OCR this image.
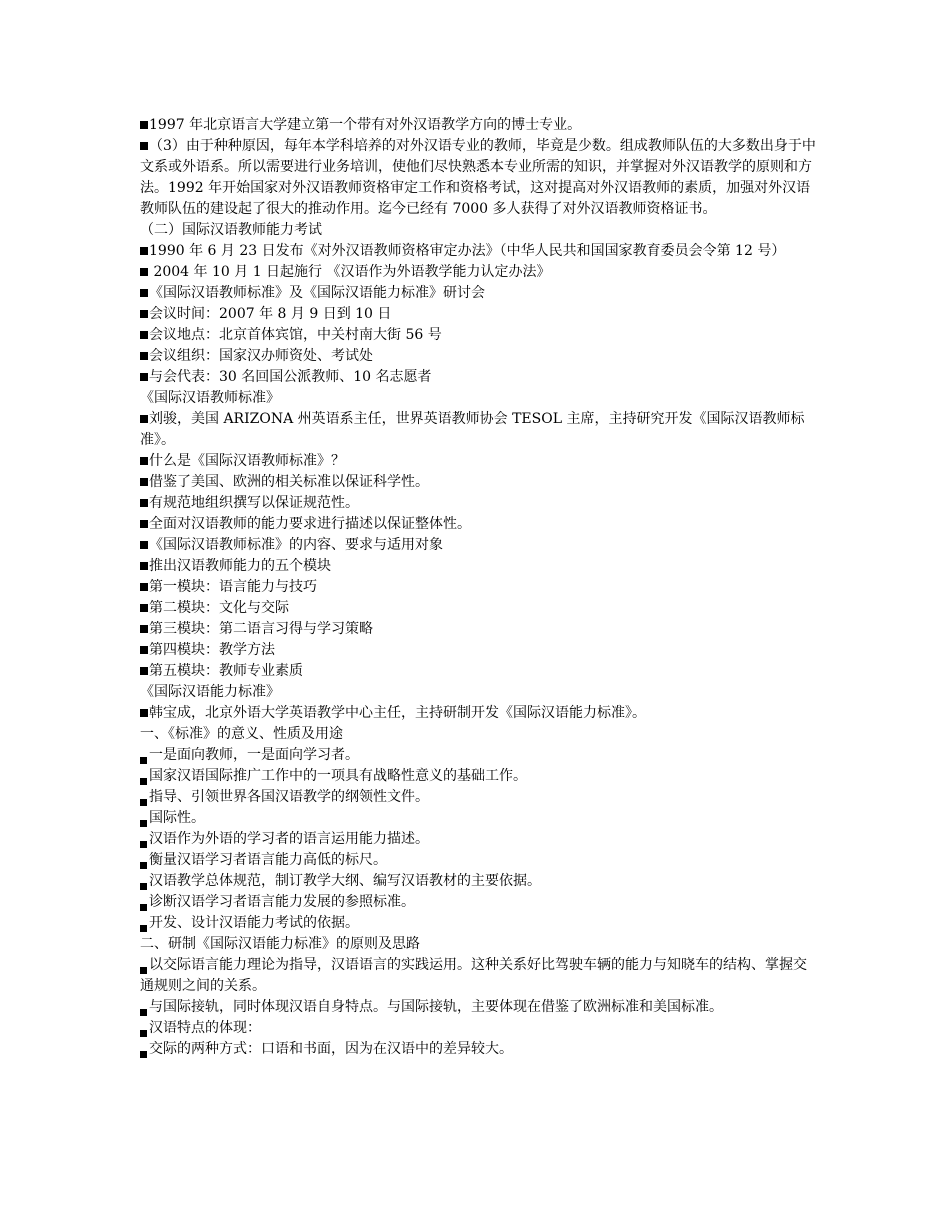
1997 年北京语言大学建立第一个带有对外汉语教学方向的博士专业。

（3）由于种种原因，每年本学科培养的对外汉语专业的教师，毕竟是少数。组成教师队伍的大多数出身于中文系或外语系。所以需要进行业务培训，使他们尽快熟悉本专业所需的知识，并掌握对外汉语教学的原则和方法。1992 年开始国家对外汉语教师资格审定工作和资格考试，这对提高对外汉语教师的素质，加强对外汉语教师队伍的建设起了很大的推动作用。迄今已经有 7000 多人获得了对外汉语教师资格证书。

（二）国际汉语教师能力考试

1990 年 6 月 23 日发布《对外汉语教师资格审定办法》（中华人民共和国国家教育委员会令第 12 号）

2004 年 10 月 1 日起施行 《汉语作为外语教学能力认定办法》

《国际汉语教师标准》及《国际汉语能力标准》研讨会

会议时间：2007 年 8 月 9 日到 10 日

会议地点：北京首体宾馆，中关村南大街 56 号

会议组织：国家汉办师资处、考试处

与会代表：30 名回国公派教师、10 名志愿者

《国际汉语教师标准》

刘骏，美国 ARIZONA 州英语系主任，世界英语教师协会 TESOL 主席，主持研究开发《国际汉语教师标准》。

什么是《国际汉语教师标准》？

借鉴了美国、欧洲的相关标准以保证科学性。

有规范地组织撰写以保证规范性。

全面对汉语教师的能力要求进行描述以保证整体性。

《国际汉语教师标准》的内容、要求与适用对象

推出汉语教师能力的五个模块

第一模块：语言能力与技巧

第二模块：文化与交际

第三模块：第二语言习得与学习策略

第四模块：教学方法

第五模块：教师专业素质

《国际汉语能力标准》

韩宝成，北京外语大学英语教学中心主任，主持研制开发《国际汉语能力标准》。

一、《标准》的意义、性质及用途

一是面向教师，一是面向学习者。

国家汉语国际推广工作中的一项具有战略性意义的基础工作。

指导、引领世界各国汉语教学的纲领性文件。

国际性。

汉语作为外语的学习者的语言运用能力描述。

衡量汉语学习者语言能力高低的标尺。

汉语教学总体规范，制订教学大纲、编写汉语教材的主要依据。

诊断汉语学习者语言能力发展的参照标准。

开发、设计汉语能力考试的依据。

二、研制《国际汉语能力标准》的原则及思路

以交际语言能力理论为指导，汉语语言的实践运用。这种关系好比驾驶车辆的能力与知晓车的结构、掌握交通规则之间的关系。

与国际接轨，同时体现汉语自身特点。与国际接轨，主要体现在借鉴了欧洲标准和美国标准。

汉语特点的体现：

交际的两种方式：口语和书面，因为在汉语中的差异较大。
